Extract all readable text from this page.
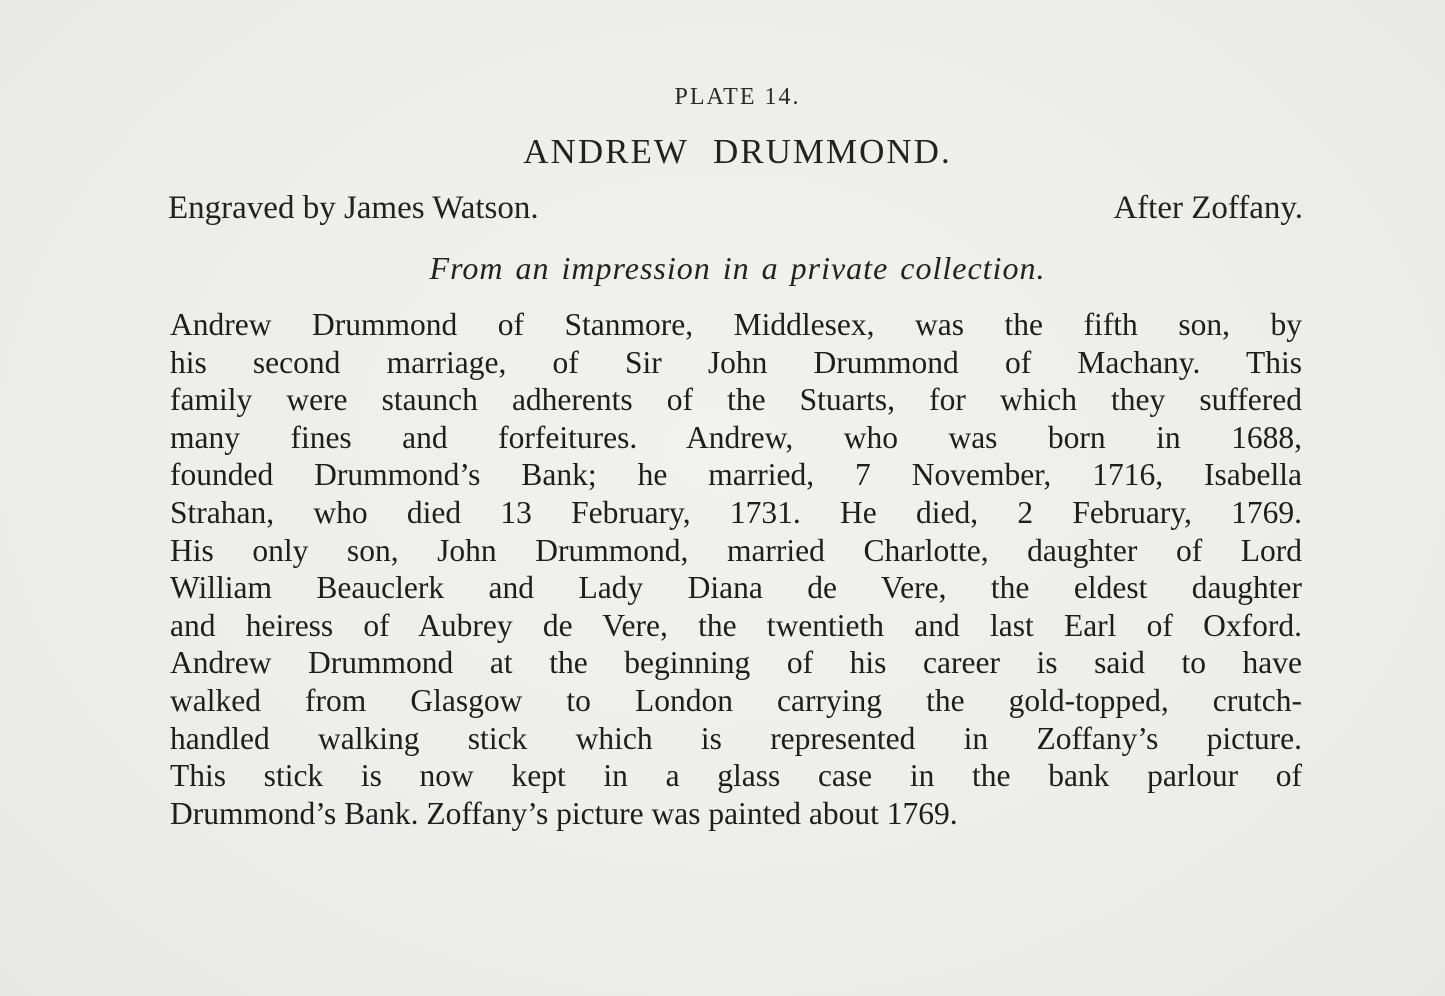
PLATE 14.
ANDREW DRUMMOND.
Engraved by James Watson.	After Zoffany.
From an impression in a private collection.
Andrew Drummond of Stanmore, Middlesex, was the fifth son, by
his second marriage, of Sir John Drummond of Machany. This
family were staunch adherents of the Stuarts, for which they suffered
many fines and forfeitures. Andrew, who was born in 1688,
founded Drummond’s Bank; he married, 7 November, 1716, Isabella
Strahan, who died 13 February, 1731. He died, 2 February, 1769.
His only son, John Drummond, married Charlotte, daughter of Lord
William Beauclerk and Lady Diana de Vere, the eldest daughter
and heiress of Aubrey de Vere, the twentieth and last Earl of Oxford.
Andrew Drummond at the beginning of his career is said to have
walked from Glasgow to London carrying the gold-topped, crutch-
handled walking stick which is represented in Zoffany’s picture.
This stick is now kept in a glass case in the bank parlour of
Drummond’s Bank. Zoffany’s picture was painted about 1769.
